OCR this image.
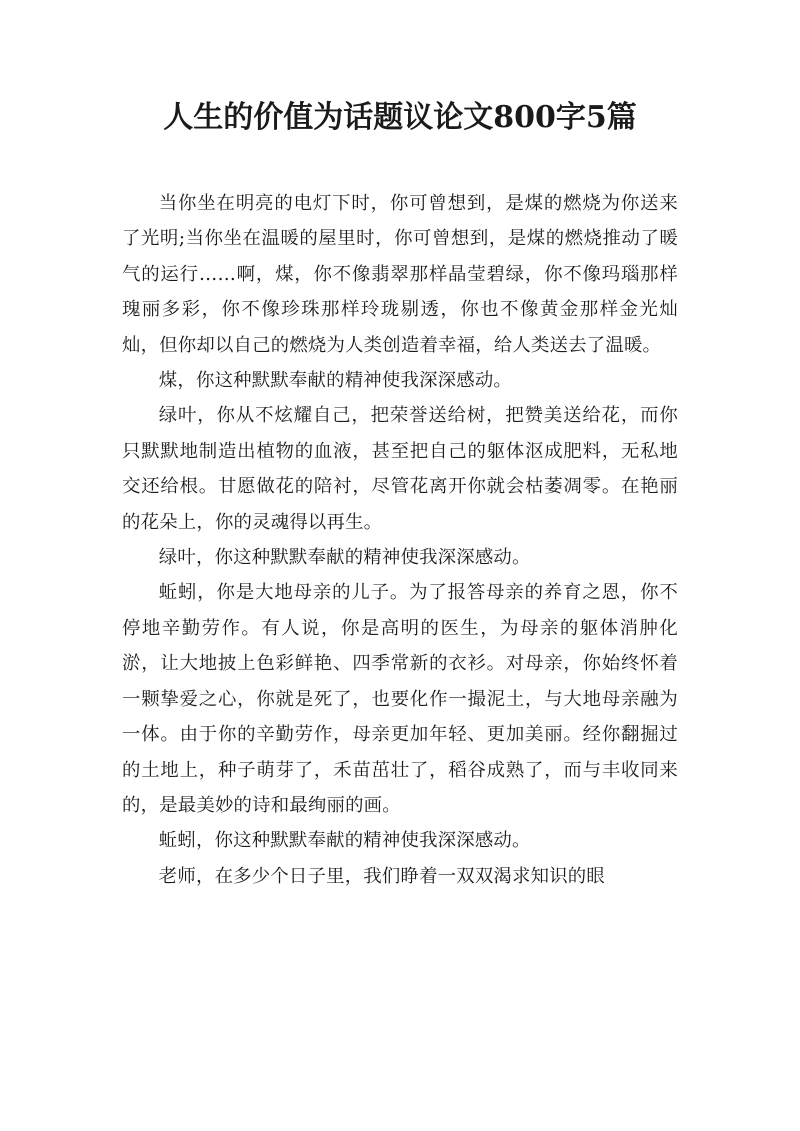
人生的价值为话题议论文800字5篇

当你坐在明亮的电灯下时，你可曾想到，是煤的燃烧为你送来了光明;当你坐在温暖的屋里时，你可曾想到，是煤的燃烧推动了暖气的运行……啊，煤，你不像翡翠那样晶莹碧绿，你不像玛瑙那样瑰丽多彩，你不像珍珠那样玲珑剔透，你也不像黄金那样金光灿灿，但你却以自己的燃烧为人类创造着幸福，给人类送去了温暖。

煤，你这种默默奉献的精神使我深深感动。

绿叶，你从不炫耀自己，把荣誉送给树，把赞美送给花，而你只默默地制造出植物的血液，甚至把自己的躯体沤成肥料，无私地交还给根。甘愿做花的陪衬，尽管花离开你就会枯萎凋零。在艳丽的花朵上，你的灵魂得以再生。

绿叶，你这种默默奉献的精神使我深深感动。

蚯蚓，你是大地母亲的儿子。为了报答母亲的养育之恩，你不停地辛勤劳作。有人说，你是高明的医生，为母亲的躯体消肿化淤，让大地披上色彩鲜艳、四季常新的衣衫。对母亲，你始终怀着一颗挚爱之心，你就是死了，也要化作一撮泥土，与大地母亲融为一体。由于你的辛勤劳作，母亲更加年轻、更加美丽。经你翻掘过的土地上，种子萌芽了，禾苗茁壮了，稻谷成熟了，而与丰收同来的，是最美妙的诗和最绚丽的画。

蚯蚓，你这种默默奉献的精神使我深深感动。

老师，在多少个日子里，我们睁着一双双渴求知识的眼
